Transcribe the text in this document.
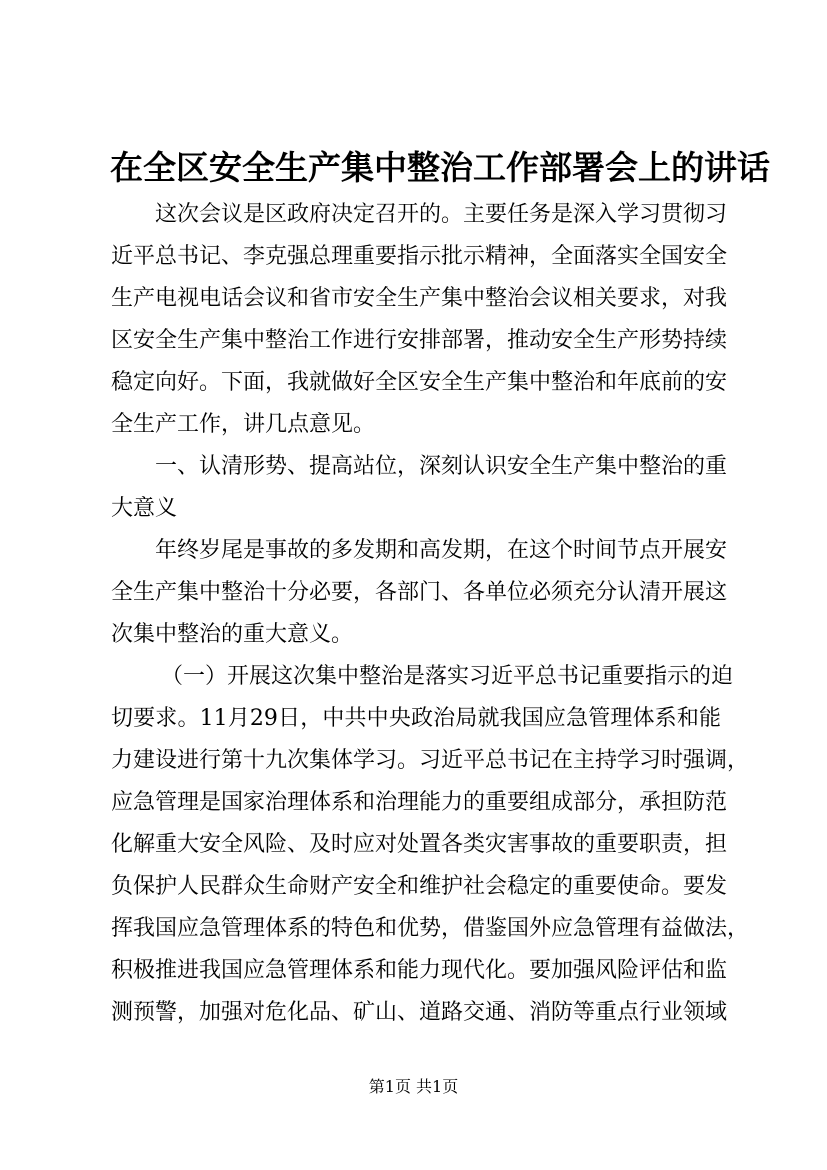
在全区安全生产集中整治工作部署会上的讲话
这次会议是区政府决定召开的。主要任务是深入学习贯彻习
近平总书记、李克强总理重要指示批示精神，全面落实全国安全
生产电视电话会议和省市安全生产集中整治会议相关要求，对我
区安全生产集中整治工作进行安排部署，推动安全生产形势持续
稳定向好。下面，我就做好全区安全生产集中整治和年底前的安
全生产工作，讲几点意见。
一、认清形势、提高站位，深刻认识安全生产集中整治的重
大意义
年终岁尾是事故的多发期和高发期，在这个时间节点开展安
全生产集中整治十分必要，各部门、各单位必须充分认清开展这
次集中整治的重大意义。
（一）开展这次集中整治是落实习近平总书记重要指示的迫
切要求。11月29日，中共中央政治局就我国应急管理体系和能
力建设进行第十九次集体学习。习近平总书记在主持学习时强调，
应急管理是国家治理体系和治理能力的重要组成部分，承担防范
化解重大安全风险、及时应对处置各类灾害事故的重要职责，担
负保护人民群众生命财产安全和维护社会稳定的重要使命。要发
挥我国应急管理体系的特色和优势，借鉴国外应急管理有益做法，
积极推进我国应急管理体系和能力现代化。要加强风险评估和监
测预警，加强对危化品、矿山、道路交通、消防等重点行业领域

第1页 共1页
